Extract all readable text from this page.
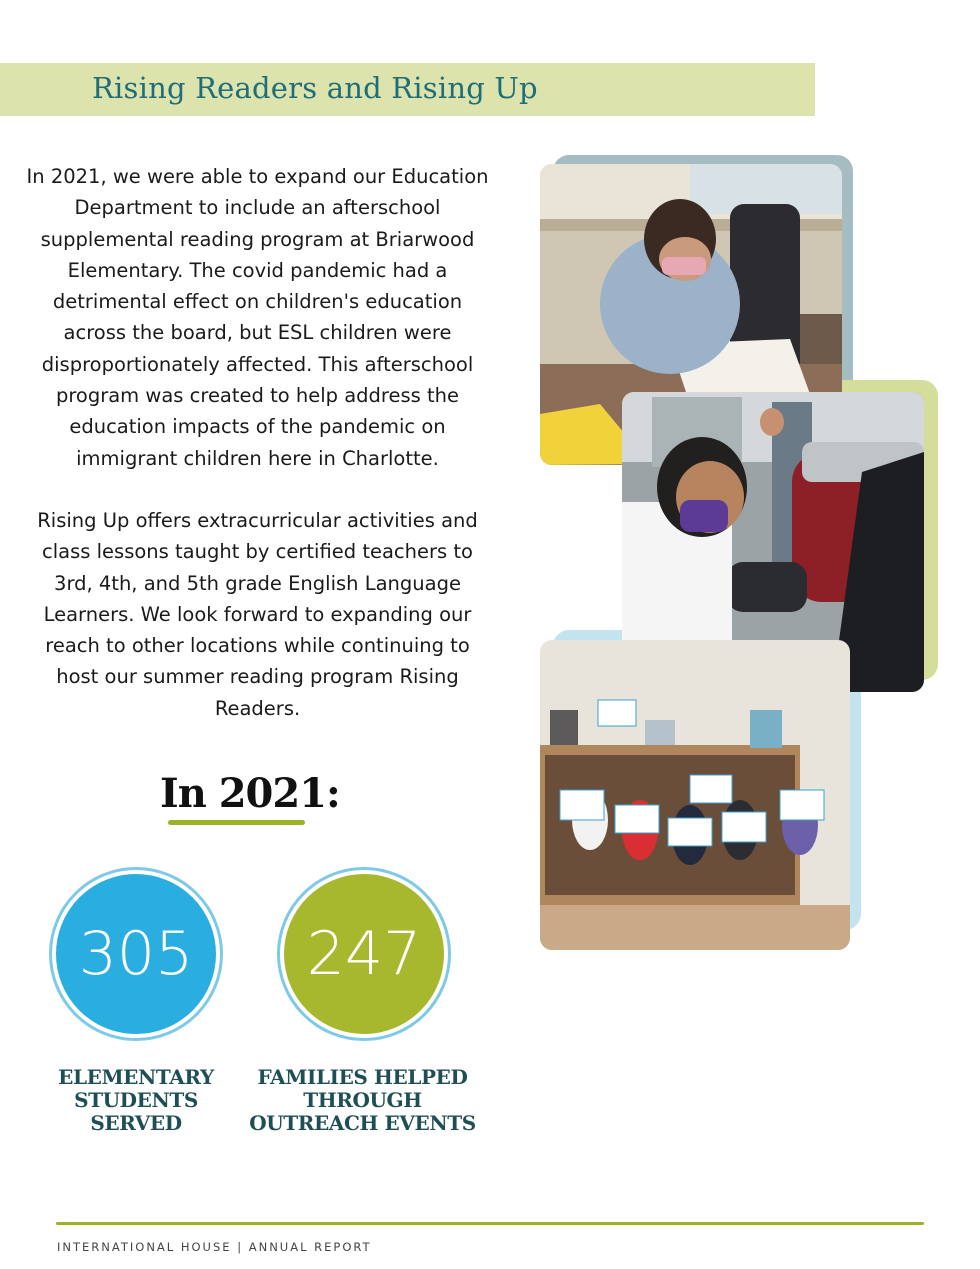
Rising Readers and Rising Up

In 2021, we were able to expand our Education Department to include an afterschool supplemental reading program at Briarwood Elementary. The covid pandemic had a detrimental effect on children's education across the board, but ESL children were disproportionately affected. This afterschool program was created to help address the education impacts of the pandemic on immigrant children here in Charlotte.

Rising Up offers extracurricular activities and class lessons taught by certified teachers to 3rd, 4th, and 5th grade English Language Learners. We look forward to expanding our reach to other locations while continuing to host our summer reading program Rising Readers.

In 2021:
305 247

ELEMENTARY STUDENTS SERVED

FAMILIES HELPED THROUGH OUTREACH EVENTS

INTERNATIONAL HOUSE | ANNUAL REPORT
